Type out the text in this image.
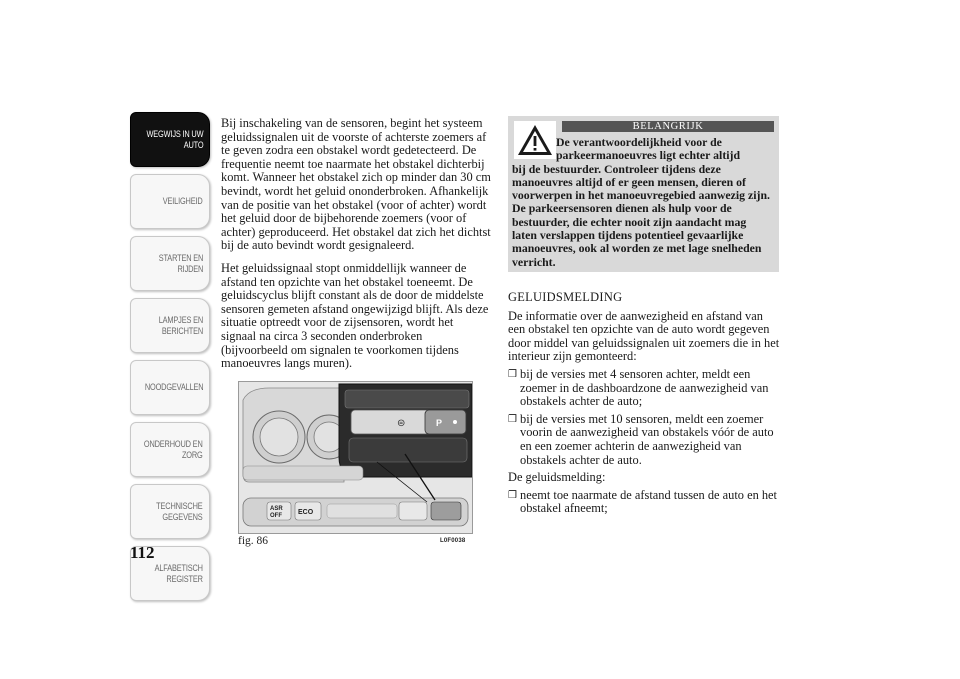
WEGWIJS IN UW
AUTO
VEILIGHEID
STARTEN EN
RIJDEN
LAMPJES EN
BERICHTEN
NOODGEVALLEN
ONDERHOUD EN
ZORG
TECHNISCHE
GEGEVENS
ALFABETISCH
REGISTER
112

Bij inschakeling van de sensoren, begint het systeem geluidssignalen uit de voorste of achterste zoemers af te geven zodra een obstakel wordt gedetecteerd. De frequentie neemt toe naarmate het obstakel dichterbij komt. Wanneer het obstakel zich op minder dan 30 cm bevindt, wordt het geluid ononderbroken. Afhankelijk van de positie van het obstakel (voor of achter) wordt het geluid door de bijbehorende zoemers (voor of achter) geproduceerd. Het obstakel dat zich het dichtst bij de auto bevindt wordt gesignaleerd.

Het geluidssignaal stopt onmiddellijk wanneer de afstand ten opzichte van het obstakel toeneemt. De geluidscyclus blijft constant als de door de middelste sensoren gemeten afstand ongewijzigd blijft. Als deze situatie optreedt voor de zijsensoren, wordt het signaal na circa 3 seconden onderbroken (bijvoorbeeld om signalen te voorkomen tijdens manoeuvres langs muren).

P
⊜
ASR
OFF ECO
fig. 86	L0F0038
BELANGRIJK
De verantwoordelijkheid voor de
parkeermanoeuvres ligt echter altijd
bij de bestuurder. Controleer tijdens deze manoeuvres altijd of er geen mensen, dieren of voorwerpen in het manoeuvregebied aanwezig zijn. De parkeersensoren dienen als hulp voor de bestuurder, die echter nooit zijn aandacht mag laten verslappen tijdens potentieel gevaarlijke manoeuvres, ook al worden ze met lage snelheden verricht.
GELUIDSMELDING

De informatie over de aanwezigheid en afstand van een obstakel ten opzichte van de auto wordt gegeven door middel van geluidssignalen uit zoemers die in het interieur zijn gemonteerd:

❒ bij de versies met 4 sensoren achter, meldt een zoemer in de dashboardzone de aanwezigheid van obstakels achter de auto;
❒ bij de versies met 10 sensoren, meldt een zoemer voorin de aanwezigheid van obstakels vóór de auto en een zoemer achterin de aanwezigheid van obstakels achter de auto.

De geluidsmelding:

❒ neemt toe naarmate de afstand tussen de auto en het obstakel afneemt;
